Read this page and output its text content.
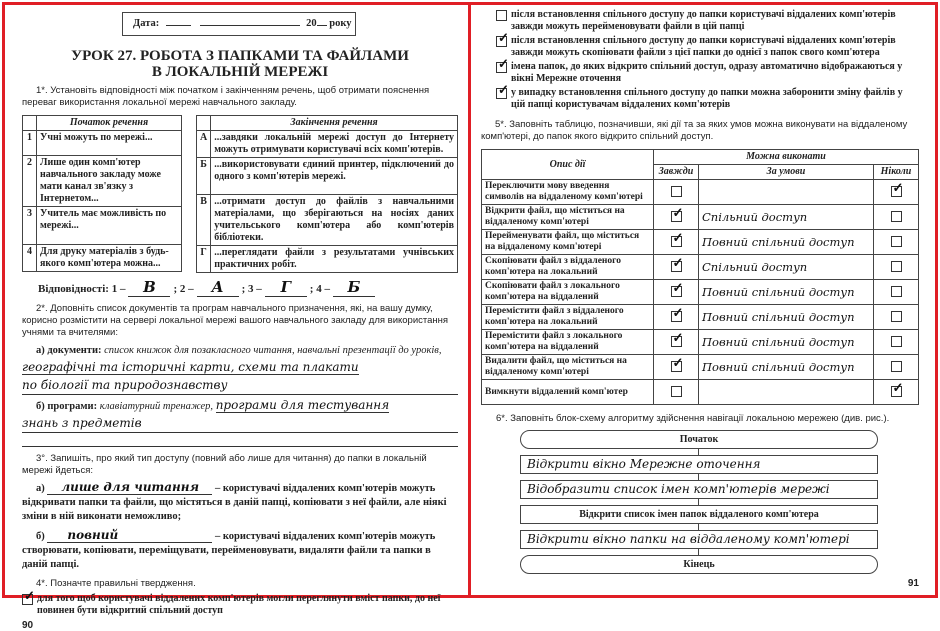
Дата:	20 року
УРОК 27. РОБОТА З ПАПКАМИ ТА ФАЙЛАМИ
В ЛОКАЛЬНІЙ МЕРЕЖІ
1*. Установіть відповідності між початком і закінченням речень, щоб отримати пояснення переваг використання локальної мережі навчального закладу.
	Початок речення
1	Учні можуть по мережі...
2	Лише один комп'ютер навчального закладу може мати канал зв'язку з Інтернетом...
3	Учитель має можливість по мережі...
4	Для друку матеріалів з будь-якого комп'ютера можна...
	Закінчення речення
А	...завдяки локальній мережі доступ до Інтернету можуть отримувати користувачі всіх комп'ютерів.
Б	...використовувати єдиний принтер, підключений до одного з комп'ютерів мережі.
В	...отримати доступ до файлів з навчальними матеріалами, що зберігаються на носіях даних учительського комп'ютера або комп'ютерів бібліотеки.
Г	...переглядати файли з результатами учнівських практичних робіт.
Відповідності: 1 – В ; 2 – А ; 3 – Г ; 4 – Б
2*. Доповніть список документів та програм навчального призначення, які, на вашу думку, корисно розмістити на сервері локальної мережі вашого навчального закладу для використання учнями та вчителями:
а) документи: список книжок для позакласного читання, навчальні презентації до уроків, географічні та історичні карти, схеми та плакати
по біології та природознавству
б) програми: клавіатурний тренажер, програми для тестування
знань з предметів
3°. Запишіть, про який тип доступу (повний або лише для читання) до папки в локальній мережі йдеться:
а) лише для читання – користувачі віддалених комп'ютерів можуть відкривати папки та файли, що містяться в даній папці, копіювати з неї файли, але ніякі зміни в ній виконати неможливо;
б) повний	– користувачі віддалених комп'ютерів можуть створювати, копіювати, переміщувати, перейменовувати, видаляти файли та папки в даній папці.
4*. Позначте правильні твердження.
✓
для того щоб користувачі віддалених комп'ютерів могли переглянути вміст папки, до неї повинен бути відкритий спільний доступ
90
після встановлення спільного доступу до папки користувачі віддалених комп'ютерів завжди можуть перейменовувати файли в цій папці
✓
після встановлення спільного доступу до папки користувачі віддалених комп'ютерів завжди можуть скопіювати файли з цієї папки до однієї з папок свого комп'ютера
✓
імена папок, до яких відкрито спільний доступ, одразу автоматично відображаються у вікні Мережне оточення
✓
у випадку встановлення спільного доступу до папки можна заборонити зміну файлів у цій папці користувачам віддалених комп'ютерів
5*. Заповніть таблицю, позначивши, які дії та за яких умов можна виконувати на віддаленому комп'ютері, до папок якого відкрито спільний доступ.
Опис дії	Можна виконати		
	Завжди	За умови	Ніколи
Переключити мову введення символів на віддаленому комп'ютері			✓
Відкрити файл, що міститься на віддаленому комп'ютері	✓	Спільний доступ	
Перейменувати файл, що міститься на віддаленому комп'ютері	✓	Повний спільний доступ	
Скопіювати файл з віддаленого комп'ютера на локальний	✓	Спільний доступ	
Скопіювати файл з локального комп'ютера на віддалений	✓	Повний спільний доступ	
Перемістити файл з віддаленого комп'ютера на локальний	✓	Повний спільний доступ	
Перемістити файл з локального комп'ютера на віддалений	✓	Повний спільний доступ	
Видалити файл, що міститься на віддаленому комп'ютері	✓	Повний спільний доступ	
Вимкнути віддалений комп'ютер			✓
6*. Заповніть блок-схему алгоритму здійснення навігації локальною мережею (див. рис.).
Початок
Відкрити вікно Мережне оточення
Відобразити список імен комп'ютерів мережі
Відкрити список імен папок віддаленого комп'ютера
Відкрити вікно папки на віддаленому комп'ютері
Кінець
91
